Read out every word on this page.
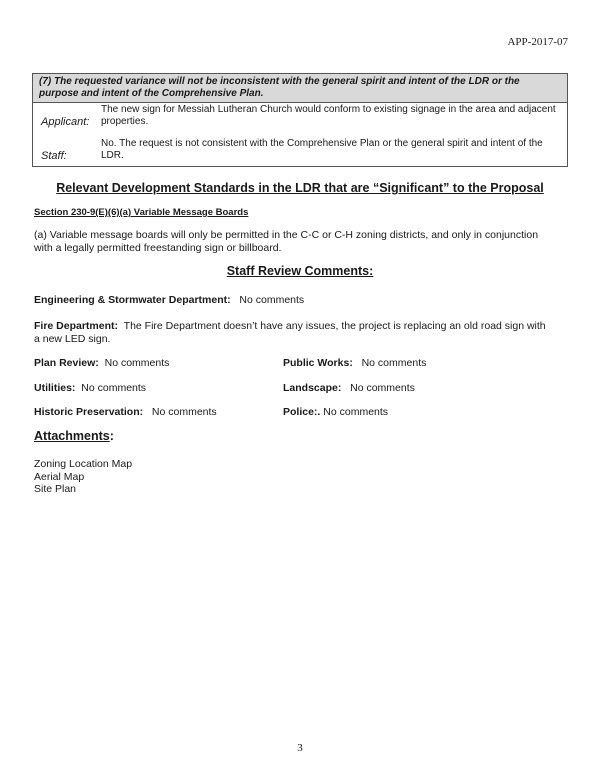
APP-2017-07
(7) The requested variance will not be inconsistent with the general spirit and intent of the LDR or the purpose and intent of the Comprehensive Plan.
Applicant:
The new sign for Messiah Lutheran Church would conform to existing signage in the area and adjacent properties.
Staff:
No. The request is not consistent with the Comprehensive Plan or the general spirit and intent of the LDR.
Relevant Development Standards in the LDR that are “Significant” to the Proposal
Section 230-9(E)(6)(a) Variable Message Boards
(a) Variable message boards will only be permitted in the C-C or C-H zoning districts, and only in conjunction with a legally permitted freestanding sign or billboard.
Staff Review Comments:
Engineering & Stormwater Department: No comments
Fire Department: The Fire Department doesn’t have any issues, the project is replacing an old road sign with a new LED sign.
Plan Review: No comments	Public Works: No comments
Utilities: No comments	Landscape: No comments
Historic Preservation: No comments	Police:. No comments
Attachments:
Zoning Location Map
Aerial Map
Site Plan
3
